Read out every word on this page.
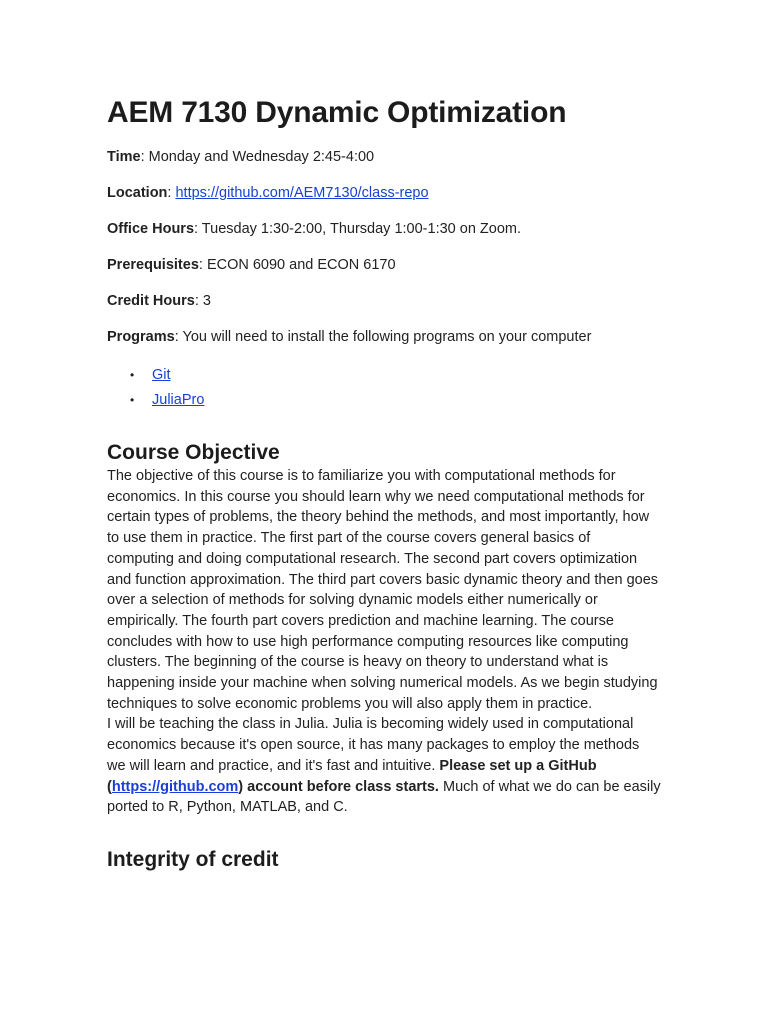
AEM 7130 Dynamic Optimization

Time: Monday and Wednesday 2:45-4:00

Location: https://github.com/AEM7130/class-repo

Office Hours: Tuesday 1:30-2:00, Thursday 1:00-1:30 on Zoom.

Prerequisites: ECON 6090 and ECON 6170

Credit Hours: 3

Programs: You will need to install the following programs on your computer

• Git
• JuliaPro
Course Objective

The objective of this course is to familiarize you with computational methods for economics. In this course you should learn why we need computational methods for certain types of problems, the theory behind the methods, and most importantly, how to use them in practice. The first part of the course covers general basics of computing and doing computational research. The second part covers optimization and function approximation. The third part covers basic dynamic theory and then goes over a selection of methods for solving dynamic models either numerically or empirically. The fourth part covers prediction and machine learning. The course concludes with how to use high performance computing resources like computing clusters. The beginning of the course is heavy on theory to understand what is happening inside your machine when solving numerical models. As we begin studying techniques to solve economic problems you will also apply them in practice.

I will be teaching the class in Julia. Julia is becoming widely used in computational economics because it's open source, it has many packages to employ the methods we will learn and practice, and it's fast and intuitive. Please set up a GitHub (https://github.com) account before class starts. Much of what we do can be easily ported to R, Python, MATLAB, and C.

Integrity of credit
